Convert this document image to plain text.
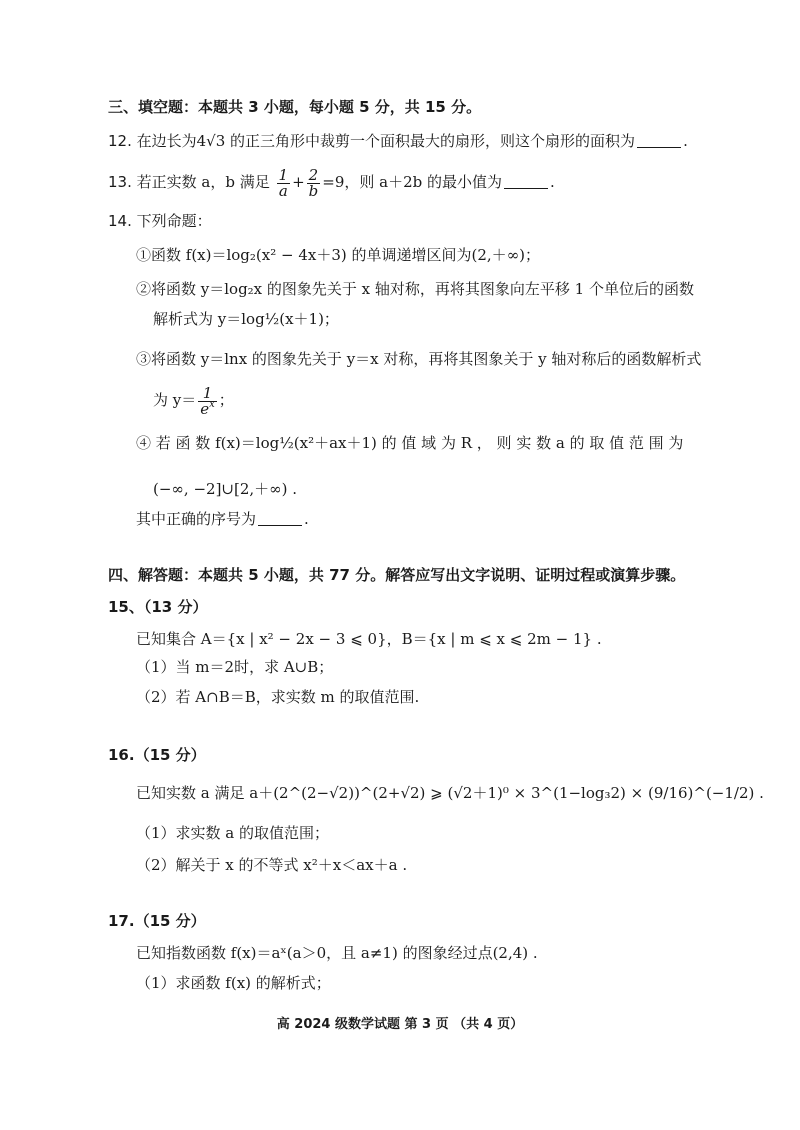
三、填空题：本题共 3 小题，每小题 5 分，共 15 分。
12. 在边长为4√3 的正三角形中裁剪一个面积最大的扇形，则这个扇形的面积为	.
13. 若正实数 a，b 满足 $\frac{1}{a} + \frac{2}{b} =9$，则 a＋2b 的最小值为	.
14. 下列命题：
①函数 f(x)＝log₂(x² − 4x＋3) 的单调递增区间为(2,＋∞)；
②将函数 y＝log₂x 的图象先关于 x 轴对称，再将其图象向左平移 1 个单位后的函数
解析式为 y＝log½(x＋1)；
③将函数 y＝lnx 的图象先关于 y＝x 对称，再将其图象关于 y 轴对称后的函数解析式
为 $y= \frac{1}{e^x}$ ；
④ 若 函 数 f(x)＝log½(x²＋ax＋1) 的 值 域 为 R ， 则 实 数 a 的 取 值 范 围 为
(−∞, −2]∪[2,＋∞) .
其中正确的序号为	.
四、解答题：本题共 5 小题，共 77 分。解答应写出文字说明、证明过程或演算步骤。
15、（13 分）
已知集合 A＝{x | x² − 2x − 3 ⩽ 0}，B＝{x | m ⩽ x ⩽ 2m − 1} .
（1）当 m＝2时，求 A∪B；
（2）若 A∩B＝B，求实数 m 的取值范围.
16.（15 分）
已知实数 a 满足 a＋(2^(2−√2))^(2+√2) ⩾ (√2＋1)⁰ × 3^(1−log₃2) × (9/16)^(−1/2) .
（1）求实数 a 的取值范围；
（2）解关于 x 的不等式 x²＋x＜ax＋a .
17.（15 分）
已知指数函数 f(x)＝aˣ(a＞0，且 a≠1) 的图象经过点(2,4) .
（1）求函数 f(x) 的解析式；
高 2024 级数学试题 第 3 页 （共 4 页）
